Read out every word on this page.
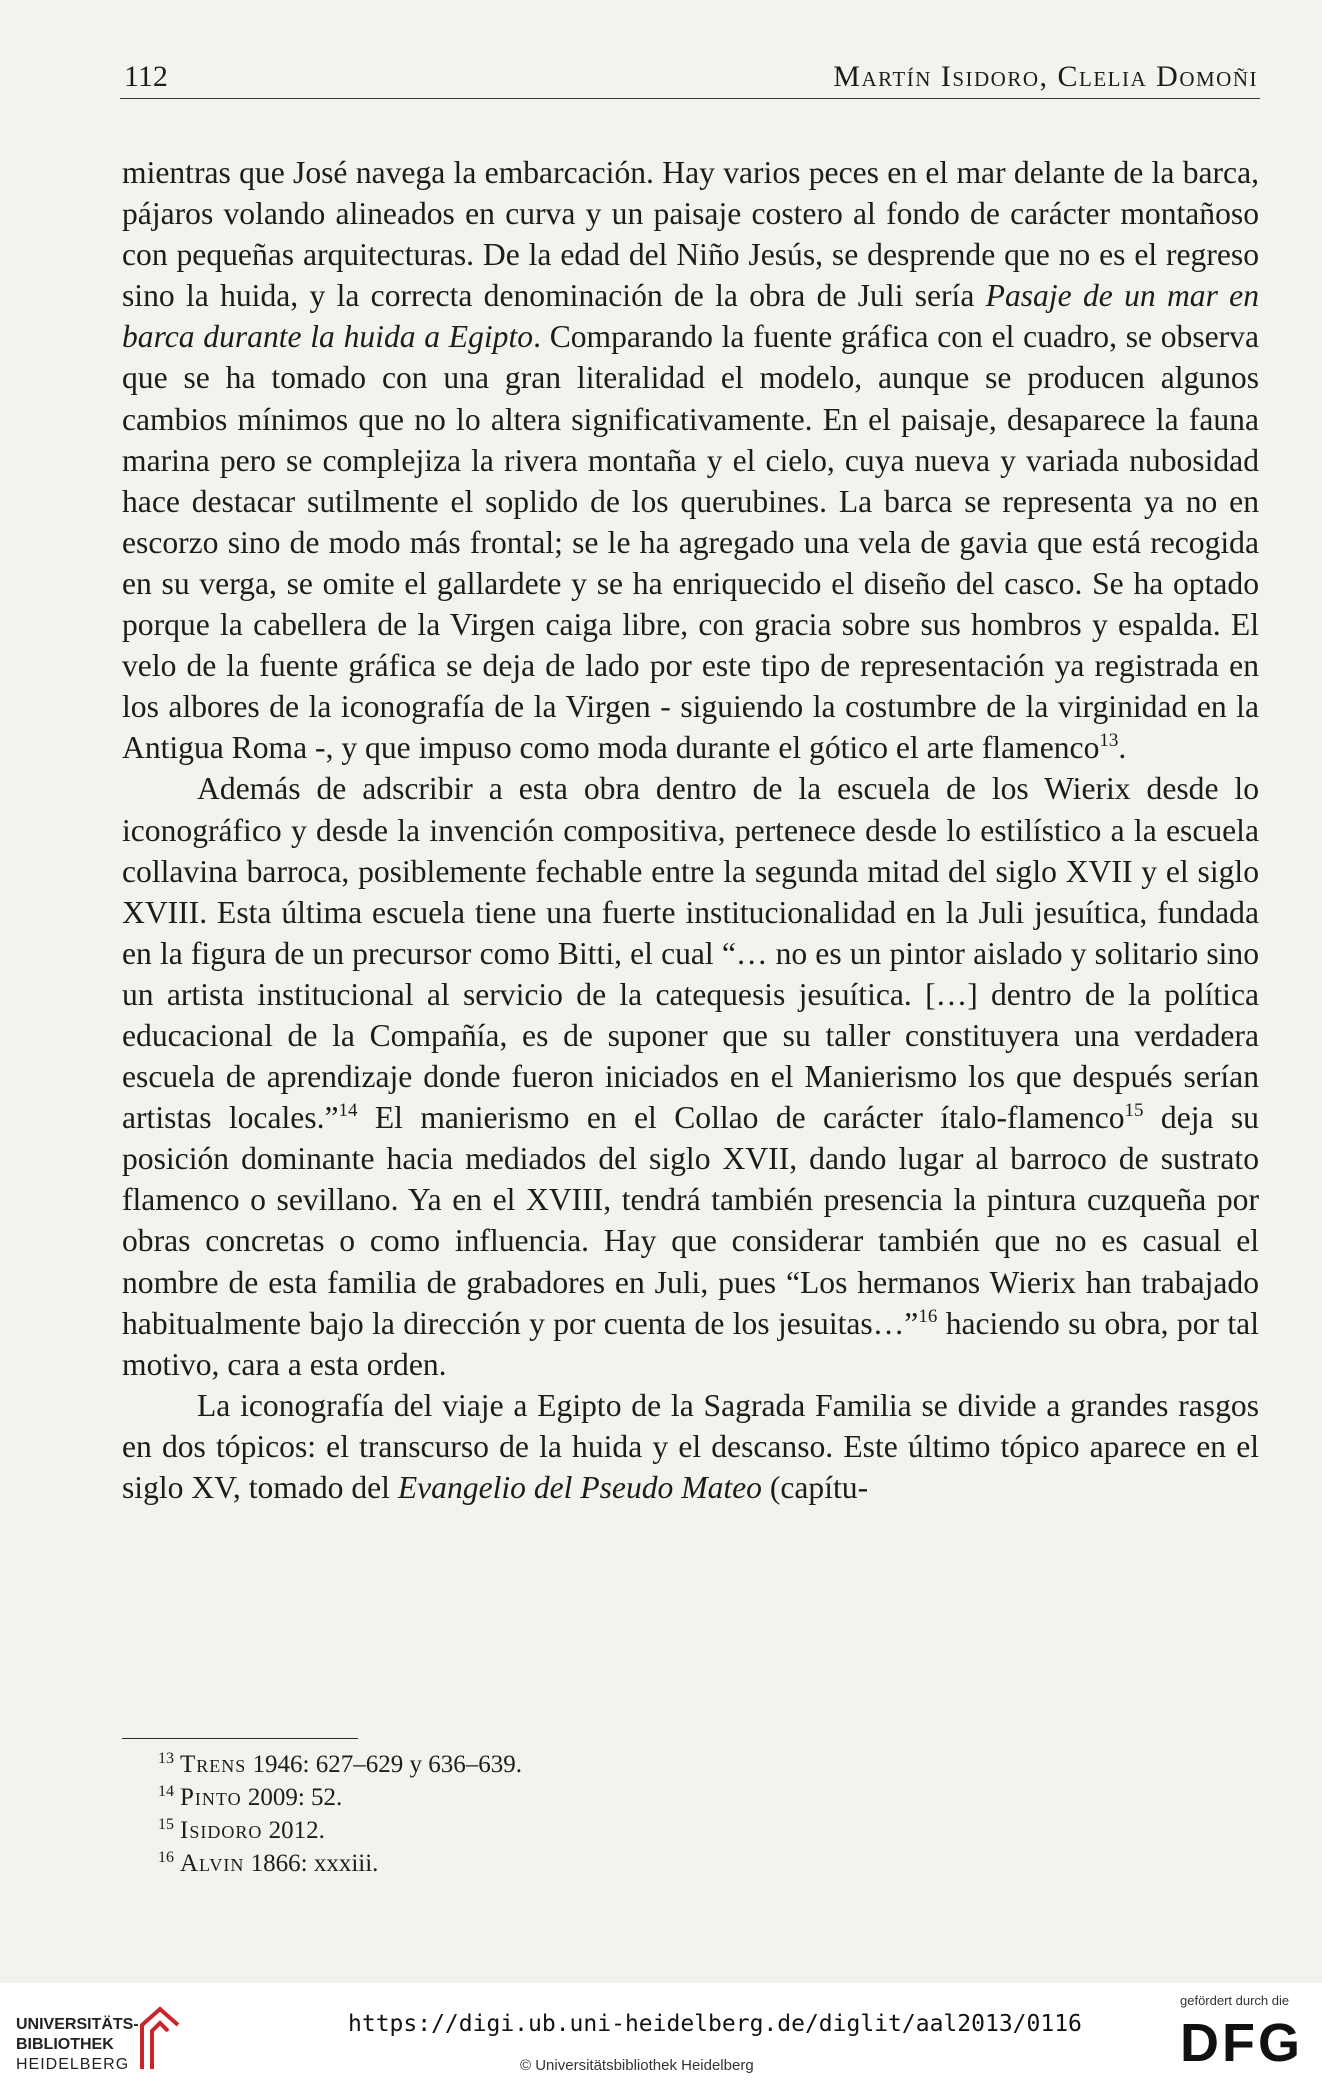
112	Martín Isidoro, Clelia Domoñi

mientras que José navega la embarcación. Hay varios peces en el mar delante de la barca, pájaros volando alineados en curva y un paisaje costero al fondo de carácter montañoso con pequeñas arquitecturas. De la edad del Niño Jesús, se desprende que no es el regreso sino la huida, y la correcta denominación de la obra de Juli sería Pasaje de un mar en barca durante la huida a Egipto. Comparando la fuente gráfica con el cuadro, se observa que se ha tomado con una gran literalidad el modelo, aunque se producen algunos cambios mínimos que no lo altera significativamente. En el paisaje, desaparece la fauna marina pero se complejiza la rivera montaña y el cielo, cuya nueva y variada nubosidad hace destacar sutilmente el soplido de los querubines. La barca se representa ya no en escorzo sino de modo más frontal; se le ha agregado una vela de gavia que está recogida en su verga, se omite el gallardete y se ha enriquecido el diseño del casco. Se ha optado porque la cabellera de la Virgen caiga libre, con gracia sobre sus hombros y espalda. El velo de la fuente gráfica se deja de lado por este tipo de representación ya registrada en los albores de la iconografía de la Virgen - siguiendo la costumbre de la virginidad en la Antigua Roma -, y que impuso como moda durante el gótico el arte flamenco$^{13}$.

Además de adscribir a esta obra dentro de la escuela de los Wierix desde lo iconográfico y desde la invención compositiva, pertenece desde lo estilístico a la escuela collavina barroca, posiblemente fechable entre la segunda mitad del siglo XVII y el siglo XVIII. Esta última escuela tiene una fuerte institucionalidad en la Juli jesuítica, fundada en la figura de un precursor como Bitti, el cual “… no es un pintor aislado y solitario sino un artista institucional al servicio de la catequesis jesuítica. […] dentro de la política educacional de la Compañía, es de suponer que su taller constituyera una verdadera escuela de aprendizaje donde fueron iniciados en el Manierismo los que después serían artistas locales.”$^{14}$ El manierismo en el Collao de carácter ítalo-flamenco$^{15}$ deja su posición dominante hacia mediados del siglo XVII, dando lugar al barroco de sustrato flamenco o sevillano. Ya en el XVIII, tendrá también presencia la pintura cuzqueña por obras concretas o como influencia. Hay que considerar también que no es casual el nombre de esta familia de grabadores en Juli, pues “Los hermanos Wierix han trabajado habitualmente bajo la dirección y por cuenta de los jesuitas…”$^{16}$ haciendo su obra, por tal motivo, cara a esta orden.

La iconografía del viaje a Egipto de la Sagrada Familia se divide a grandes rasgos en dos tópicos: el transcurso de la huida y el descanso. Este último tópico aparece en el siglo XV, tomado del Evangelio del Pseudo Mateo (capítu-

$^{13}$ Trens 1946: 627–629 y 636–639.
$^{14}$ Pinto 2009: 52.
$^{15}$ Isidoro 2012.
$^{16}$ Alvin 1866: xxxiii.
UNIVERSITÄTS-
BIBLIOTHEK
HEIDELBERG
https://digi.ub.uni-heidelberg.de/diglit/aal2013/0116
© Universitätsbibliothek Heidelberg
gefördert durch die
DFG
